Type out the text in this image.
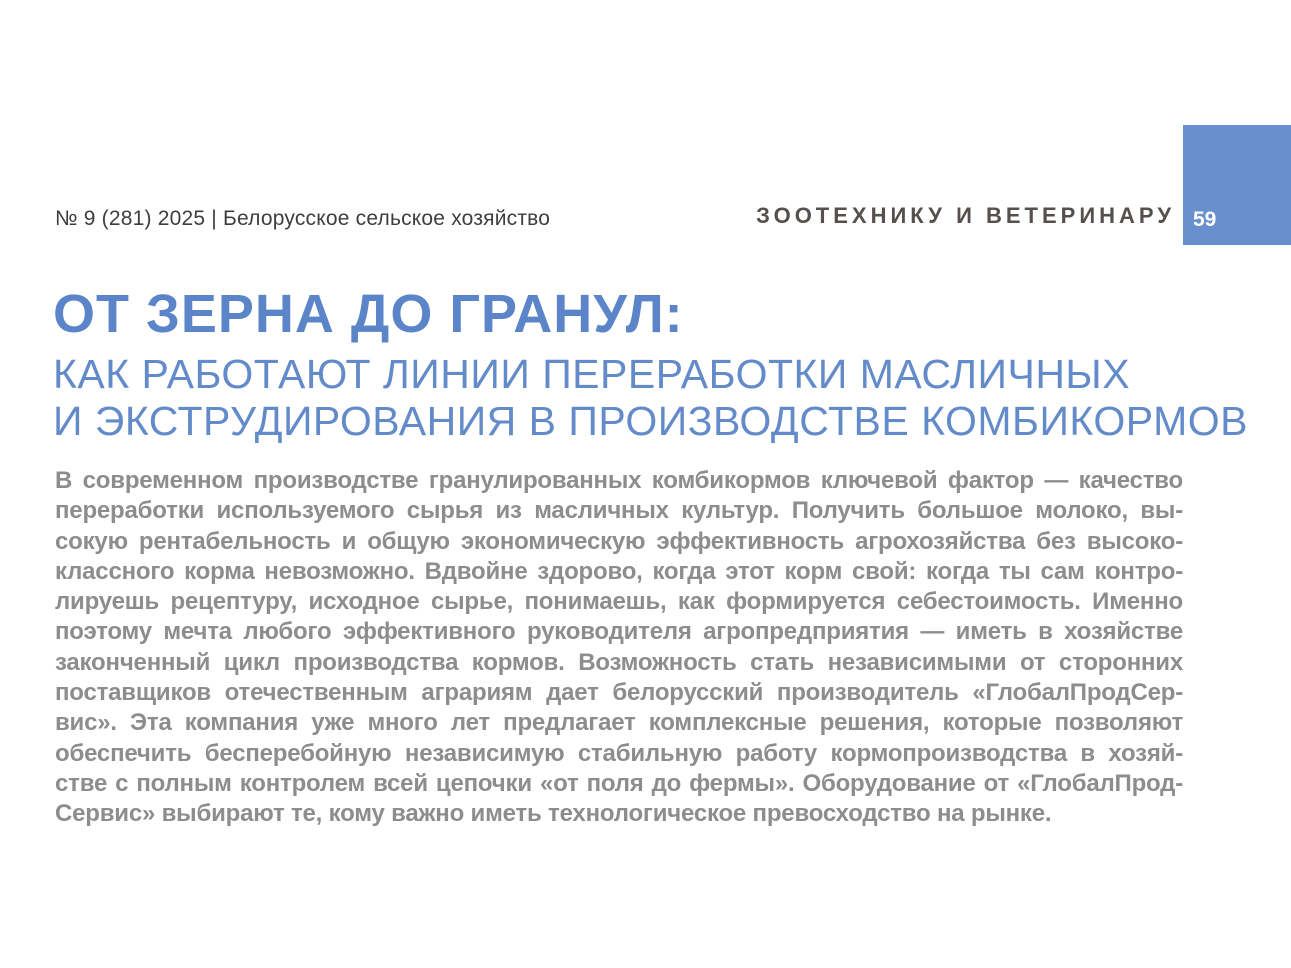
№ 9 (281) 2025 | Белорусское сельское хозяйство	ЗООТЕХНИКУ И ВЕТЕРИНАРУ 59
ОТ ЗЕРНА ДО ГРАНУЛ:
КАК РАБОТАЮТ ЛИНИИ ПЕРЕРАБОТКИ МАСЛИЧНЫХ
И ЭКСТРУДИРОВАНИЯ В ПРОИЗВОДСТВЕ КОМБИКОРМОВ
В современном производстве гранулированных комбикормов ключевой фактор — качество
переработки используемого сырья из масличных культур. Получить большое молоко, вы-
сокую рентабельность и общую экономическую эффективность агрохозяйства без высоко-
классного корма невозможно. Вдвойне здорово, когда этот корм свой: когда ты сам контро-
лируешь рецептуру, исходное сырье, понимаешь, как формируется себестоимость. Именно
поэтому мечта любого эффективного руководителя агропредприятия — иметь в хозяйстве
законченный цикл производства кормов. Возможность стать независимыми от сторонних
поставщиков отечественным аграриям дает белорусский производитель «ГлобалПродСер-
вис». Эта компания уже много лет предлагает комплексные решения, которые позволяют
обеспечить бесперебойную независимую стабильную работу кормопроизводства в хозяй-
стве с полным контролем всей цепочки «от поля до фермы». Оборудование от «ГлобалПрод-
Сервис» выбирают те, кому важно иметь технологическое превосходство на рынке.
